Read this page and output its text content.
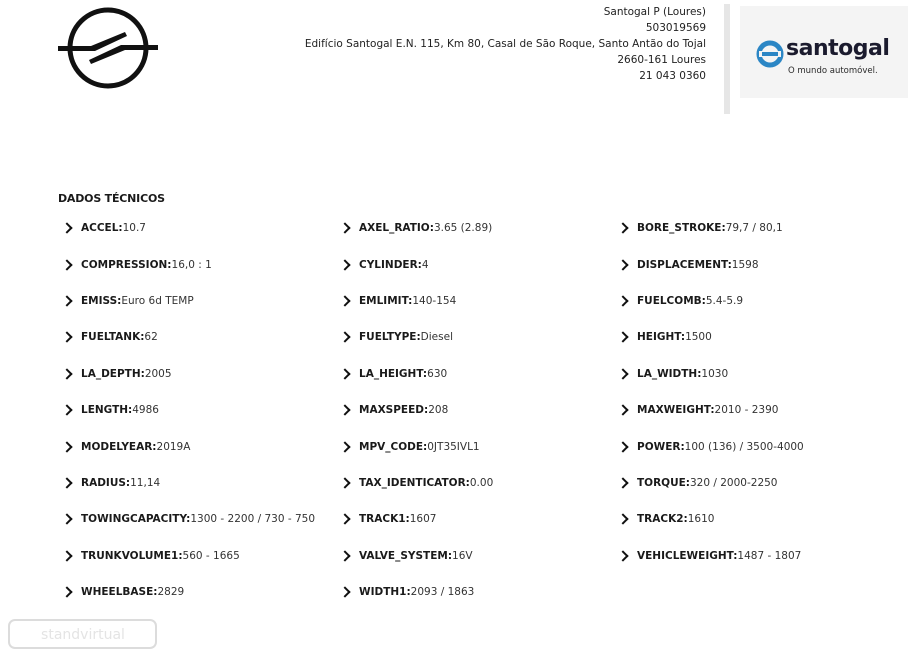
Santogal P (Loures)
503019569
Edifício Santogal E.N. 115, Km 80, Casal de São Roque, Santo Antão do Tojal
2660-161 Loures
21 043 0360
santogal
O mundo automóvel.
DADOS TÉCNICOS
ACCEL: 10.7	AXEL_RATIO: 3.65 (2.89)	BORE_STROKE: 79,7 / 80,1
COMPRESSION: 16,0 : 1	CYLINDER: 4	DISPLACEMENT: 1598
EMISS: Euro 6d TEMP	EMLIMIT: 140-154	FUELCOMB: 5.4-5.9
FUELTANK: 62	FUELTYPE: Diesel	HEIGHT: 1500
LA_DEPTH: 2005	LA_HEIGHT: 630	LA_WIDTH: 1030
LENGTH: 4986	MAXSPEED: 208	MAXWEIGHT: 2010 - 2390
MODELYEAR: 2019A	MPV_CODE: 0JT35IVL1	POWER: 100 (136) / 3500-4000
RADIUS: 11,14	TAX_IDENTICATOR: 0.00	TORQUE: 320 / 2000-2250
TOWINGCAPACITY: 1300 - 2200 / 730 - 750	TRACK1: 1607	TRACK2: 1610
TRUNKVOLUME1: 560 - 1665	VALVE_SYSTEM: 16V	VEHICLEWEIGHT: 1487 - 1807
WHEELBASE: 2829	WIDTH1: 2093 / 1863
standvirtual
